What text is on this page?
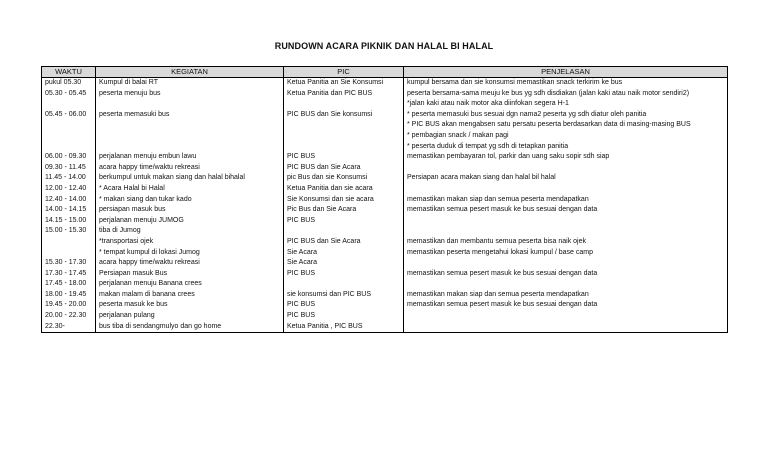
RUNDOWN ACARA PIKNIK DAN HALAL BI HALAL
WAKTU	KEGIATAN	PIC	PENJELASAN
pukul 05.30	Kumpul di balai RT	Ketua Panitia an Sie Konsumsi	kumpul bersama dan sie konsumsi memastikan snack terkirim ke bus
05.30 - 05.45	peserta menuju bus	Ketua Panitia dan PIC BUS	peserta bersama-sama meuju ke bus yg sdh disdiakan (jalan kaki atau naik motor sendiri2)
			*jalan kaki atau naik motor aka diinfokan segera H-1
05.45 - 06.00	peserta memasuki bus	PIC BUS dan Sie konsumsi	* peserta memasuki bus sesuai dgn nama2 peserta yg sdh diatur oleh panitia
			* PIC BUS akan mengabsen satu persatu peserta berdasarkan data di masing-masing BUS
			* pembagian snack / makan pagi
			* peserta duduk di tempat yg sdh di tetapkan panitia
06.00 - 09.30	perjalanan menuju embun lawu	PIC BUS	memastikan pembayaran tol, parkir dan uang saku sopir sdh siap
09.30 - 11.45	acara happy time/waktu rekreasi	PIC BUS dan Sie Acara	
11.45 - 14.00	berkumpul untuk makan siang dan halal bihalal	pic Bus dan sie Konsumsi	Persiapan acara makan siang dan halal bil halal
12.00 - 12.40	* Acara Halal bi Halal	Ketua Panitia dan sie acara	
12.40 - 14.00	* makan siang dan tukar kado	Sie Konsumsi dan sie acara	memastikan makan siap dan semua peserta mendapatkan
14.00 - 14.15	persiapan masuk bus	Pic Bus dan Sie Acara	memastikan semua pesert masuk ke bus sesuai dengan data
14.15 - 15.00	perjalanan menuju JUMOG	PIC BUS	
15.00 - 15.30	tiba di Jumog		
	*transportasi ojek	PIC BUS dan Sie Acara	memastikan dan membantu semua peserta bisa naik ojek
	* tempat kumpul di lokasi Jumog	Sie Acara	memastikan peserta mengetahui lokasi kumpul / base camp
15.30 - 17.30	acara happy time/waktu rekreasi	Sie Acara	
17.30 - 17.45	Persiapan masuk Bus	PIC BUS	memastikan semua pesert masuk ke bus sesuai dengan data
17.45 - 18.00	perjalanan menuju Banana crees		
18.00 - 19.45	makan malam di banana crees	sie konsumsi dan PIC BUS	memastikan makan siap dan semua peserta mendapatkan
19.45 - 20.00	peserta masuk ke bus	PIC BUS	memastikan semua pesert masuk ke bus sesuai dengan data
20.00 - 22.30	perjalanan pulang	PIC BUS	
22.30-	bus tiba di sendangmulyo dan go home	Ketua Panitia , PIC BUS	
